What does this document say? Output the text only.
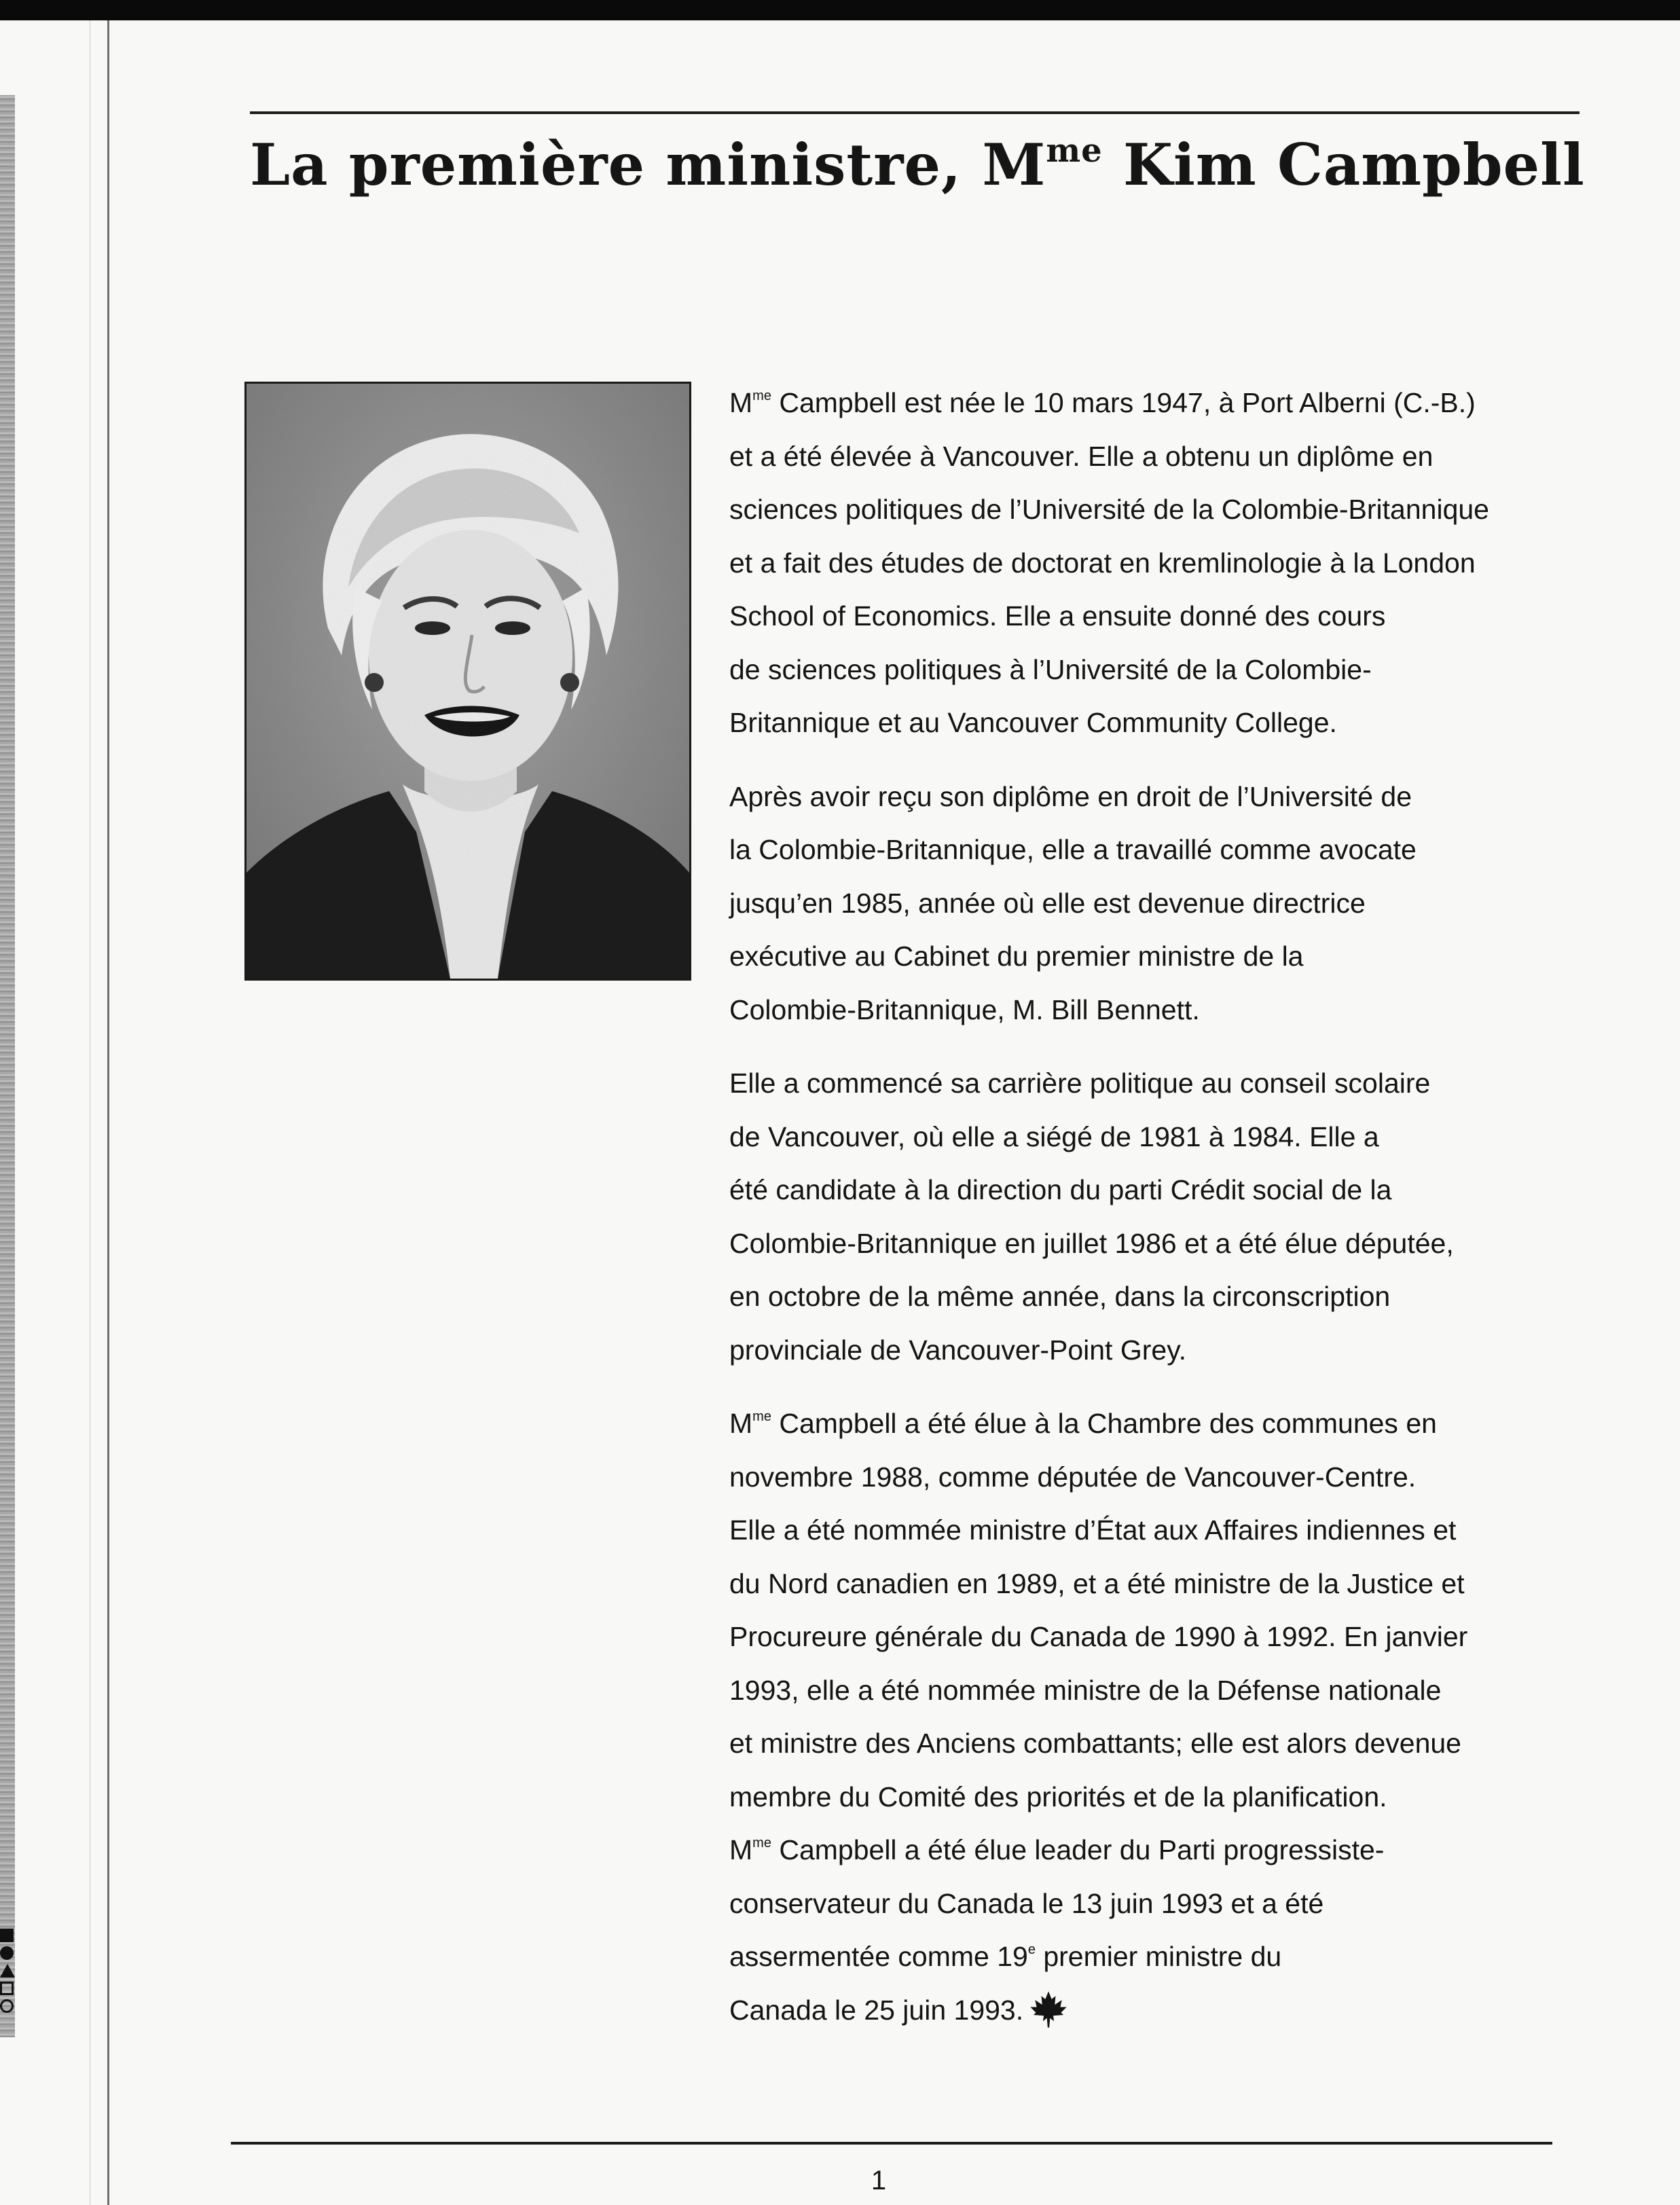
La première ministre, $M^{me}$ Kim Campbell

$M^{me}$ Campbell est née le 10 mars 1947, à Port Alberni (C.-B.)
et a été élevée à Vancouver. Elle a obtenu un diplôme en
sciences politiques de l’Université de la Colombie-Britannique
et a fait des études de doctorat en kremlinologie à la London
School of Economics. Elle a ensuite donné des cours
de sciences politiques à l’Université de la Colombie-
Britannique et au Vancouver Community College.

Après avoir reçu son diplôme en droit de l’Université de
la Colombie-Britannique, elle a travaillé comme avocate
jusqu’en 1985, année où elle est devenue directrice
exécutive au Cabinet du premier ministre de la
Colombie-Britannique, M. Bill Bennett.

Elle a commencé sa carrière politique au conseil scolaire
de Vancouver, où elle a siégé de 1981 à 1984. Elle a
été candidate à la direction du parti Crédit social de la
Colombie-Britannique en juillet 1986 et a été élue députée,
en octobre de la même année, dans la circonscription
provinciale de Vancouver-Point Grey.

$M^{me}$ Campbell a été élue à la Chambre des communes en
novembre 1988, comme députée de Vancouver-Centre.
Elle a été nommée ministre d’État aux Affaires indiennes et
du Nord canadien en 1989, et a été ministre de la Justice et
Procureure générale du Canada de 1990 à 1992. En janvier
1993, elle a été nommée ministre de la Défense nationale
et ministre des Anciens combattants; elle est alors devenue
membre du Comité des priorités et de la planification.
$M^{me}$ Campbell a été élue leader du Parti progressiste-
conservateur du Canada le 13 juin 1993 et a été
assermentée comme 19e premier ministre du
Canada le 25 juin 1993.

1
